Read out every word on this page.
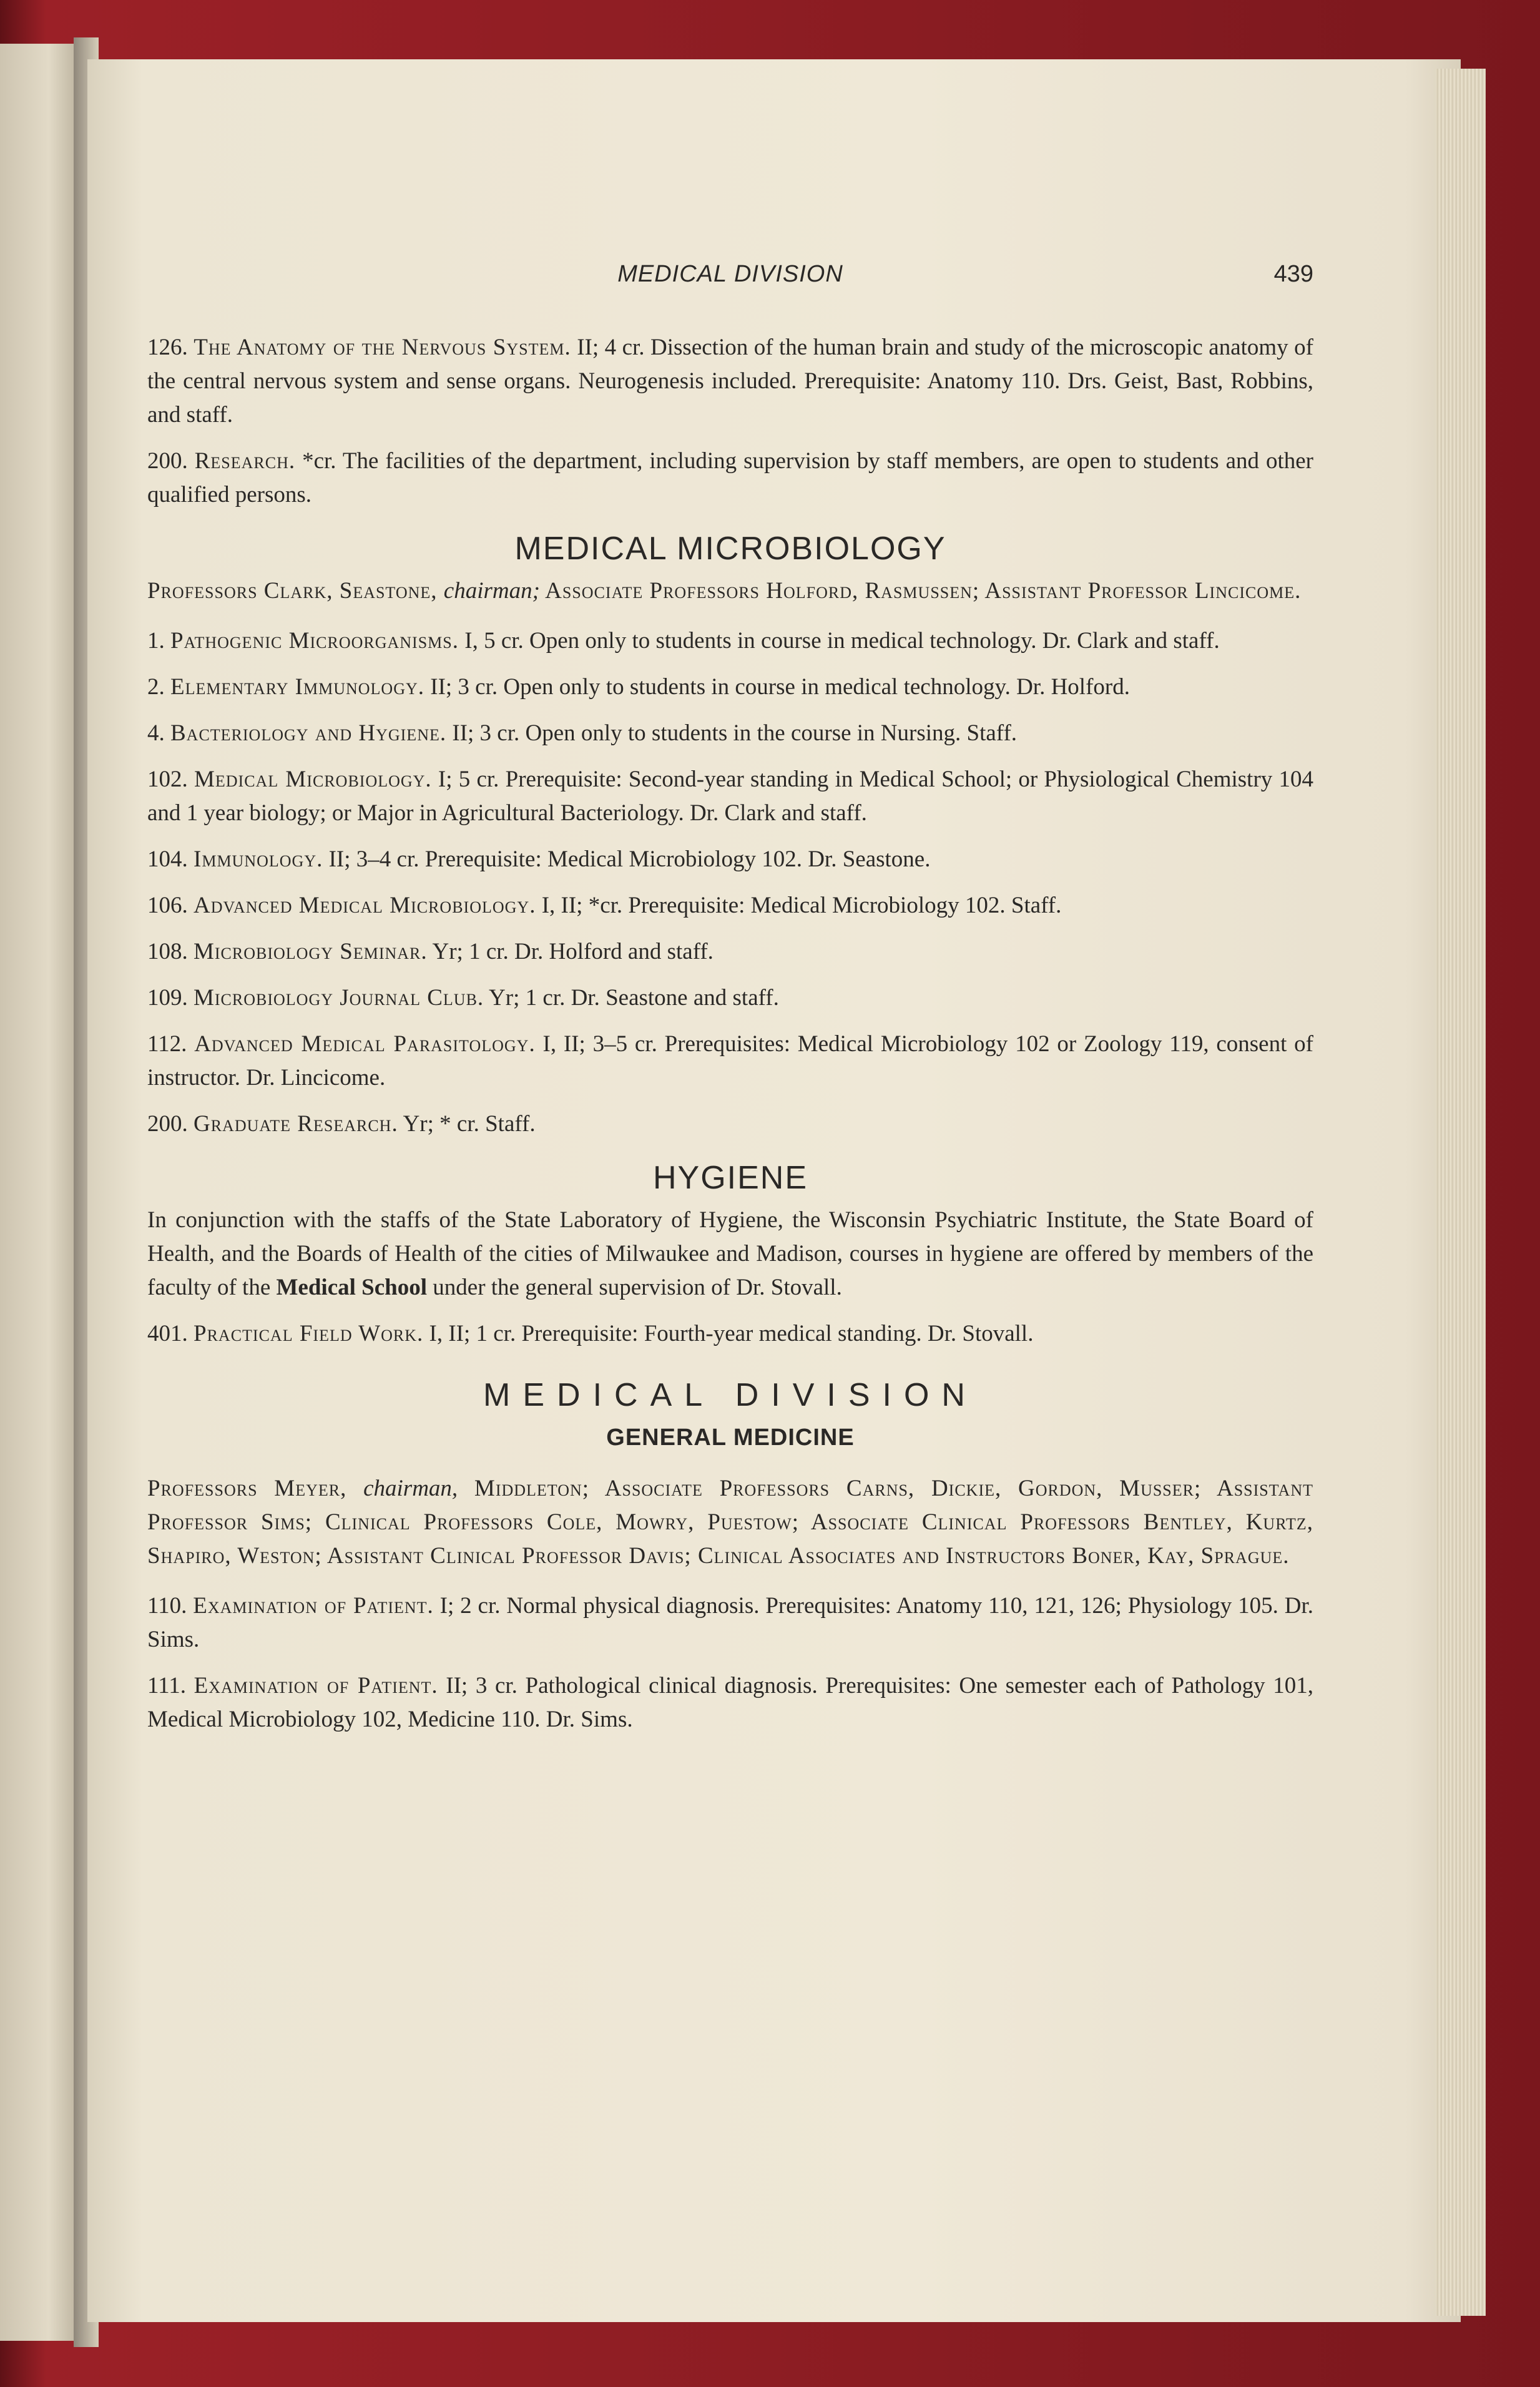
MEDICAL DIVISION	439

126. The Anatomy of the Nervous System. II; 4 cr. Dissection of the human brain and study of the microscopic anatomy of the central nervous system and sense organs. Neurogenesis included. Prerequisite: Anatomy 110. Drs. Geist, Bast, Robbins, and staff.

200. Research. *cr. The facilities of the department, including supervision by staff members, are open to students and other qualified persons.

MEDICAL MICROBIOLOGY

Professors Clark, Seastone, chairman; Associate Professors Holford, Rasmussen; Assistant Professor Lincicome.

1. Pathogenic Microorganisms. I, 5 cr. Open only to students in course in medical technology. Dr. Clark and staff.

2. Elementary Immunology. II; 3 cr. Open only to students in course in medical technology. Dr. Holford.

4. Bacteriology and Hygiene. II; 3 cr. Open only to students in the course in Nursing. Staff.

102. Medical Microbiology. I; 5 cr. Prerequisite: Second-year standing in Medical School; or Physiological Chemistry 104 and 1 year biology; or Major in Agricultural Bacteriology. Dr. Clark and staff.

104. Immunology. II; 3–4 cr. Prerequisite: Medical Microbiology 102. Dr. Seastone.

106. Advanced Medical Microbiology. I, II; *cr. Prerequisite: Medical Microbiology 102. Staff.

108. Microbiology Seminar. Yr; 1 cr. Dr. Holford and staff.

109. Microbiology Journal Club. Yr; 1 cr. Dr. Seastone and staff.

112. Advanced Medical Parasitology. I, II; 3–5 cr. Prerequisites: Medical Microbiology 102 or Zoology 119, consent of instructor. Dr. Lincicome.

200. Graduate Research. Yr; * cr. Staff.

HYGIENE

In conjunction with the staffs of the State Laboratory of Hygiene, the Wisconsin Psychiatric Institute, the State Board of Health, and the Boards of Health of the cities of Milwaukee and Madison, courses in hygiene are offered by members of the faculty of the Medical School under the general supervision of Dr. Stovall.

401. Practical Field Work. I, II; 1 cr. Prerequisite: Fourth-year medical standing. Dr. Stovall.

MEDICAL DIVISION
GENERAL MEDICINE

Professors Meyer, chairman, Middleton; Associate Professors Carns, Dickie, Gordon, Musser; Assistant Professor Sims; Clinical Professors Cole, Mowry, Puestow; Associate Clinical Professors Bentley, Kurtz, Shapiro, Weston; Assistant Clinical Professor Davis; Clinical Associates and Instructors Boner, Kay, Sprague.

110. Examination of Patient. I; 2 cr. Normal physical diagnosis. Prerequisites: Anatomy 110, 121, 126; Physiology 105. Dr. Sims.

111. Examination of Patient. II; 3 cr. Pathological clinical diagnosis. Prerequisites: One semester each of Pathology 101, Medical Microbiology 102, Medicine 110. Dr. Sims.
